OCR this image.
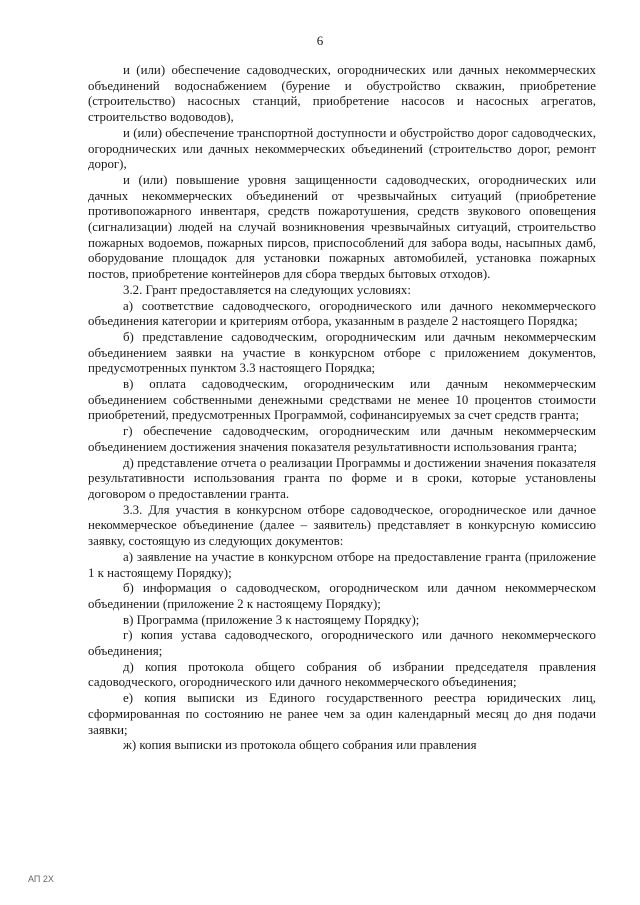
6

и (или) обеспечение садоводческих, огороднических или дачных некоммерческих объединений водоснабжением (бурение и обустройство скважин, приобретение (строительство) насосных станций, приобретение насосов и насосных агрегатов, строительство водоводов),

и (или) обеспечение транспортной доступности и обустройство дорог садоводческих, огороднических или дачных некоммерческих объединений (строительство дорог, ремонт дорог),

и (или) повышение уровня защищенности садоводческих, огороднических или дачных некоммерческих объединений от чрезвычайных ситуаций (приобретение противопожарного инвентаря, средств пожаротушения, средств звукового оповещения (сигнализации) людей на случай возникновения чрезвычайных ситуаций, строительство пожарных водоемов, пожарных пирсов, приспособлений для забора воды, насыпных дамб, оборудование площадок для установки пожарных автомобилей, установка пожарных постов, приобретение контейнеров для сбора твердых бытовых отходов).

3.2. Грант предоставляется на следующих условиях:

а) соответствие садоводческого, огороднического или дачного некоммерческого объединения категории и критериям отбора, указанным в разделе 2 настоящего Порядка;

б) представление садоводческим, огородническим или дачным некоммерческим объединением заявки на участие в конкурсном отборе с приложением документов, предусмотренных пунктом 3.3 настоящего Порядка;

в) оплата садоводческим, огородническим или дачным некоммерческим объединением собственными денежными средствами не менее 10 процентов стоимости приобретений, предусмотренных Программой, софинансируемых за счет средств гранта;

г) обеспечение садоводческим, огородническим или дачным некоммерческим объединением достижения значения показателя результативности использования гранта;

д) представление отчета о реализации Программы и достижении значения показателя результативности использования гранта по форме и в сроки, которые установлены договором о предоставлении гранта.

3.3. Для участия в конкурсном отборе садоводческое, огородническое или дачное некоммерческое объединение (далее – заявитель) представляет в конкурсную комиссию заявку, состоящую из следующих документов:

а) заявление на участие в конкурсном отборе на предоставление гранта (приложение 1 к настоящему Порядку);

б) информация о садоводческом, огородническом или дачном некоммерческом объединении (приложение 2 к настоящему Порядку);

в) Программа (приложение 3 к настоящему Порядку);

г) копия устава садоводческого, огороднического или дачного некоммерческого объединения;

д) копия протокола общего собрания об избрании председателя правления садоводческого, огороднического или дачного некоммерческого объединения;

е) копия выписки из Единого государственного реестра юридических лиц, сформированная по состоянию не ранее чем за один календарный месяц до дня подачи заявки;

ж) копия выписки из протокола общего собрания или правления

АП 2Х
